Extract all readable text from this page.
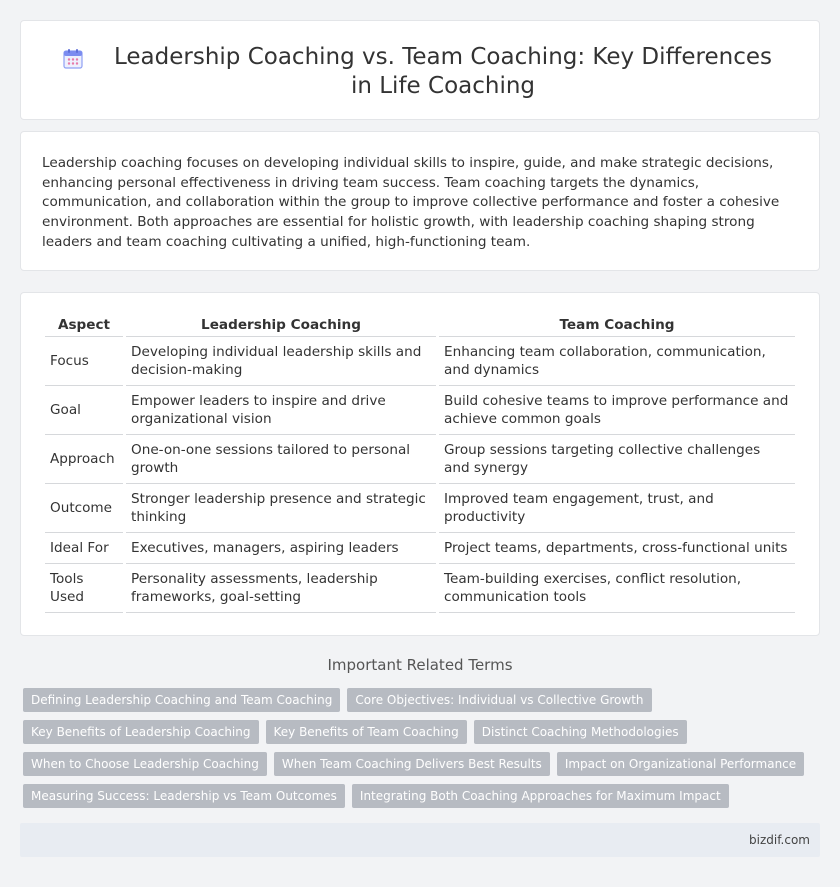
Leadership Coaching vs. Team Coaching: Key Differences in Life Coaching

Leadership coaching focuses on developing individual skills to inspire, guide, and make strategic decisions, enhancing personal effectiveness in driving team success. Team coaching targets the dynamics, communication, and collaboration within the group to improve collective performance and foster a cohesive environment. Both approaches are essential for holistic growth, with leadership coaching shaping strong leaders and team coaching cultivating a unified, high-functioning team.

Aspect	Leadership Coaching	Team Coaching
Focus	Developing individual leadership skills and decision-making	Enhancing team collaboration, communication, and dynamics
Goal	Empower leaders to inspire and drive organizational vision	Build cohesive teams to improve performance and achieve common goals
Approach	One-on-one sessions tailored to personal growth	Group sessions targeting collective challenges and synergy
Outcome	Stronger leadership presence and strategic thinking	Improved team engagement, trust, and productivity
Ideal For	Executives, managers, aspiring leaders	Project teams, departments, cross-functional units
Tools Used	Personality assessments, leadership frameworks, goal-setting	Team-building exercises, conflict resolution, communication tools
Important Related Terms
Defining Leadership Coaching and Team Coaching	Core Objectives: Individual vs Collective Growth
Key Benefits of Leadership Coaching	Key Benefits of Team Coaching	Distinct Coaching Methodologies
When to Choose Leadership Coaching	When Team Coaching Delivers Best Results	Impact on Organizational Performance
Measuring Success: Leadership vs Team Outcomes	Integrating Both Coaching Approaches for Maximum Impact
bizdif.com
